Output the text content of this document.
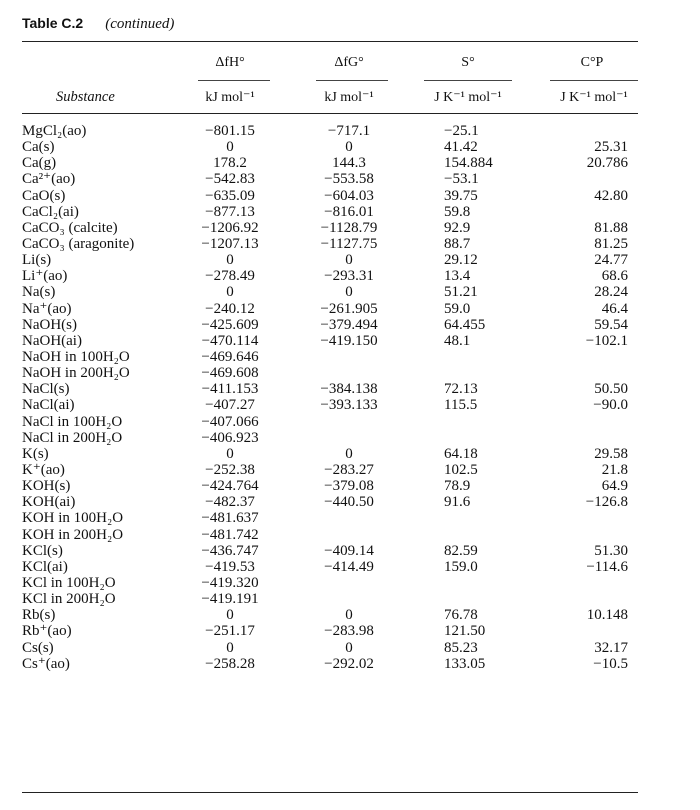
Table C.2 (continued)
ΔfH°	ΔfG°	S°	C°P
Substance	kJ mol⁻¹	kJ mol⁻¹	J K⁻¹ mol⁻¹	J K⁻¹ mol⁻¹
MgCl₂(ao)	−801.15	−717.1	−25.1
Ca(s)	0	0	41.42	25.31
Ca(g)	178.2	144.3	154.884	20.786
Ca²⁺(ao)	−542.83	−553.58	−53.1
CaO(s)	−635.09	−604.03	39.75	42.80
CaCl₂(ai)	−877.13	−816.01	59.8
CaCO₃ (calcite)	−1206.92	−1128.79	92.9	81.88
CaCO₃ (aragonite)	−1207.13	−1127.75	88.7	81.25
Li(s)	0	0	29.12	24.77
Li⁺(ao)	−278.49	−293.31	13.4	68.6
Na(s)	0	0	51.21	28.24
Na⁺(ao)	−240.12	−261.905	59.0	46.4
NaOH(s)	−425.609	−379.494	64.455	59.54
NaOH(ai)	−470.114	−419.150	48.1	−102.1
NaOH in 100H₂O	−469.646
NaOH in 200H₂O	−469.608
NaCl(s)	−411.153	−384.138	72.13	50.50
NaCl(ai)	−407.27	−393.133	115.5	−90.0
NaCl in 100H₂O	−407.066
NaCl in 200H₂O	−406.923
K(s)	0	0	64.18	29.58
K⁺(ao)	−252.38	−283.27	102.5	21.8
KOH(s)	−424.764	−379.08	78.9	64.9
KOH(ai)	−482.37	−440.50	91.6	−126.8
KOH in 100H₂O	−481.637
KOH in 200H₂O	−481.742
KCl(s)	−436.747	−409.14	82.59	51.30
KCl(ai)	−419.53	−414.49	159.0	−114.6
KCl in 100H₂O	−419.320
KCl in 200H₂O	−419.191
Rb(s)	0	0	76.78	10.148
Rb⁺(ao)	−251.17	−283.98	121.50
Cs(s)	0	0	85.23	32.17
Cs⁺(ao)	−258.28	−292.02	133.05	−10.5
